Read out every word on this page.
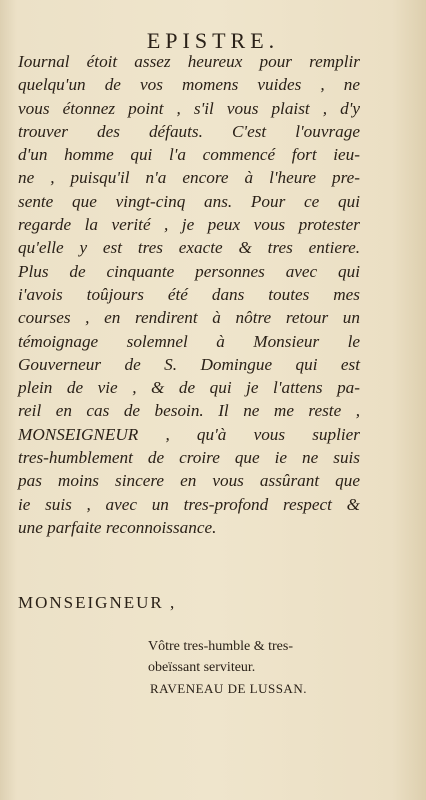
EPISTRE.
Iournal étoit assez heureux pour remplir
quelqu'un de vos momens vuides , ne
vous étonnez point , s'il vous plaist , d'y
trouver des défauts. C'est l'ouvrage
d'un homme qui l'a commencé fort ieu-
ne , puisqu'il n'a encore à l'heure pre-
sente que vingt-cinq ans. Pour ce qui
regarde la verité , je peux vous protester
qu'elle y est tres exacte & tres entiere.
Plus de cinquante personnes avec qui
i'avois toûjours été dans toutes mes
courses , en rendirent à nôtre retour un
témoignage solemnel à Monsieur le
Gouverneur de S. Domingue qui est
plein de vie , & de qui je l'attens pa-
reil en cas de besoin. Il ne me reste ,
MONSEIGNEUR , qu'à vous suplier
tres-humblement de croire que ie ne suis
pas moins sincere en vous assûrant que
ie suis , avec un tres-profond respect &
une parfaite reconnoissance.
MONSEIGNEUR ,
Vôtre tres-humble & tres-
obeïssant serviteur.
RAVENEAU DE LUSSAN.
